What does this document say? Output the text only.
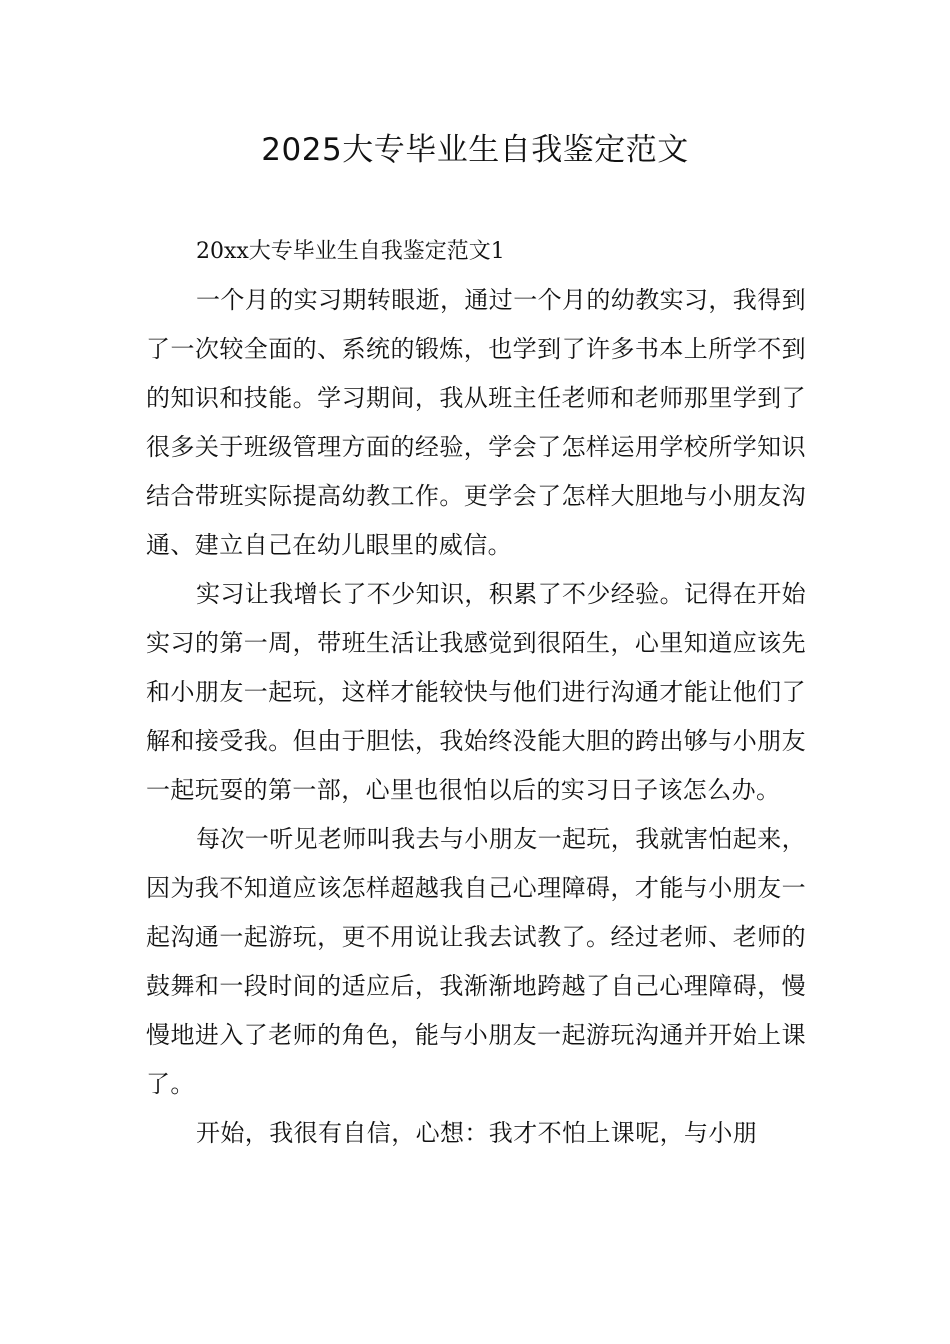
2025大专毕业生自我鉴定范文

20xx大专毕业生自我鉴定范文1

一个月的实习期转眼逝，通过一个月的幼教实习，我得到了一次较全面的、系统的锻炼，也学到了许多书本上所学不到的知识和技能。学习期间，我从班主任老师和老师那里学到了很多关于班级管理方面的经验，学会了怎样运用学校所学知识结合带班实际提高幼教工作。更学会了怎样大胆地与小朋友沟通、建立自己在幼儿眼里的威信。

实习让我增长了不少知识，积累了不少经验。记得在开始实习的第一周，带班生活让我感觉到很陌生，心里知道应该先和小朋友一起玩，这样才能较快与他们进行沟通才能让他们了解和接受我。但由于胆怯，我始终没能大胆的跨出够与小朋友一起玩耍的第一部，心里也很怕以后的实习日子该怎么办。

每次一听见老师叫我去与小朋友一起玩，我就害怕起来，因为我不知道应该怎样超越我自己心理障碍，才能与小朋友一起沟通一起游玩，更不用说让我去试教了。经过老师、老师的鼓舞和一段时间的适应后，我渐渐地跨越了自己心理障碍，慢慢地进入了老师的角色，能与小朋友一起游玩沟通并开始上课了。

开始，我很有自信，心想：我才不怕上课呢，与小朋
